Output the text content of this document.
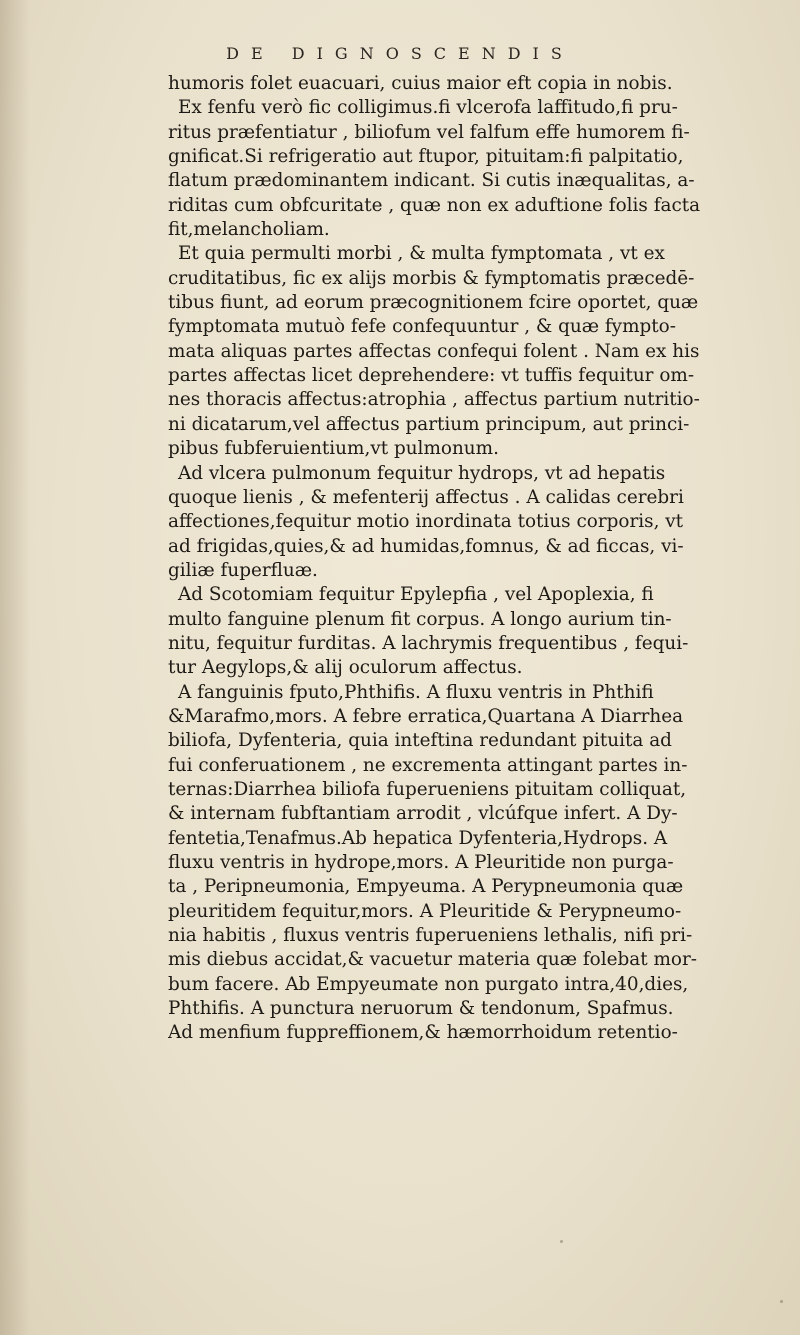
DE DIGNOSCENDIS
humoris folet euacuari, cuius maior eft copia in nobis.
Ex fenfu verò fic colligimus.fi vlcerofa laffitudo,fi pru-
ritus præfentiatur , biliofum vel falfum effe humorem fi-
gnificat.Si refrigeratio aut ftupor, pituitam:fi palpitatio,
flatum prædominantem indicant. Si cutis inæqualitas, a-
riditas cum obfcuritate , quæ non ex aduftione folis facta
fit,melancholiam.
Et quia permulti morbi , & multa fymptomata , vt ex
cruditatibus, fic ex alijs morbis & fymptomatis præcedē-
tibus fiunt, ad eorum præcognitionem fcire oportet, quæ
fymptomata mutuò fefe confequuntur , & quæ fympto-
mata aliquas partes affectas confequi folent . Nam ex his
partes affectas licet deprehendere: vt tuffis fequitur om-
nes thoracis affectus:atrophia , affectus partium nutritio-
ni dicatarum,vel affectus partium principum, aut princi-
pibus fubferuientium,vt pulmonum.
Ad vlcera pulmonum fequitur hydrops, vt ad hepatis
quoque lienis , & mefenterij affectus . A calidas cerebri
affectiones,fequitur motio inordinata totius corporis, vt
ad frigidas,quies,& ad humidas,fomnus, & ad ficcas, vi-
giliæ fuperfluæ.
Ad Scotomiam fequitur Epylepfia , vel Apoplexia, fi
multo fanguine plenum fit corpus. A longo aurium tin-
nitu, fequitur furditas. A lachrymis frequentibus , fequi-
tur Aegylops,& alij oculorum affectus.
A fanguinis fputo,Phthifis. A fluxu ventris in Phthifi
&Marafmo,mors. A febre erratica,Quartana A Diarrhea
biliofa, Dyfenteria, quia inteftina redundant pituita ad
fui conferuationem , ne excrementa attingant partes in-
ternas:Diarrhea biliofa fuperueniens pituitam colliquat,
& internam fubftantiam arrodit , vlcúfque infert. A Dy-
fentetia,Tenafmus.Ab hepatica Dyfenteria,Hydrops. A
fluxu ventris in hydrope,mors. A Pleuritide non purga-
ta , Peripneumonia, Empyeuma. A Perypneumonia quæ
pleuritidem fequitur,mors. A Pleuritide & Perypneumo-
nia habitis , fluxus ventris fuperueniens lethalis, nifi pri-
mis diebus accidat,& vacuetur materia quæ folebat mor-
bum facere. Ab Empyeumate non purgato intra,40,dies,
Phthifis. A punctura neruorum & tendonum, Spafmus.
Ad menfium fuppreffionem,& hæmorrhoidum retentio-
